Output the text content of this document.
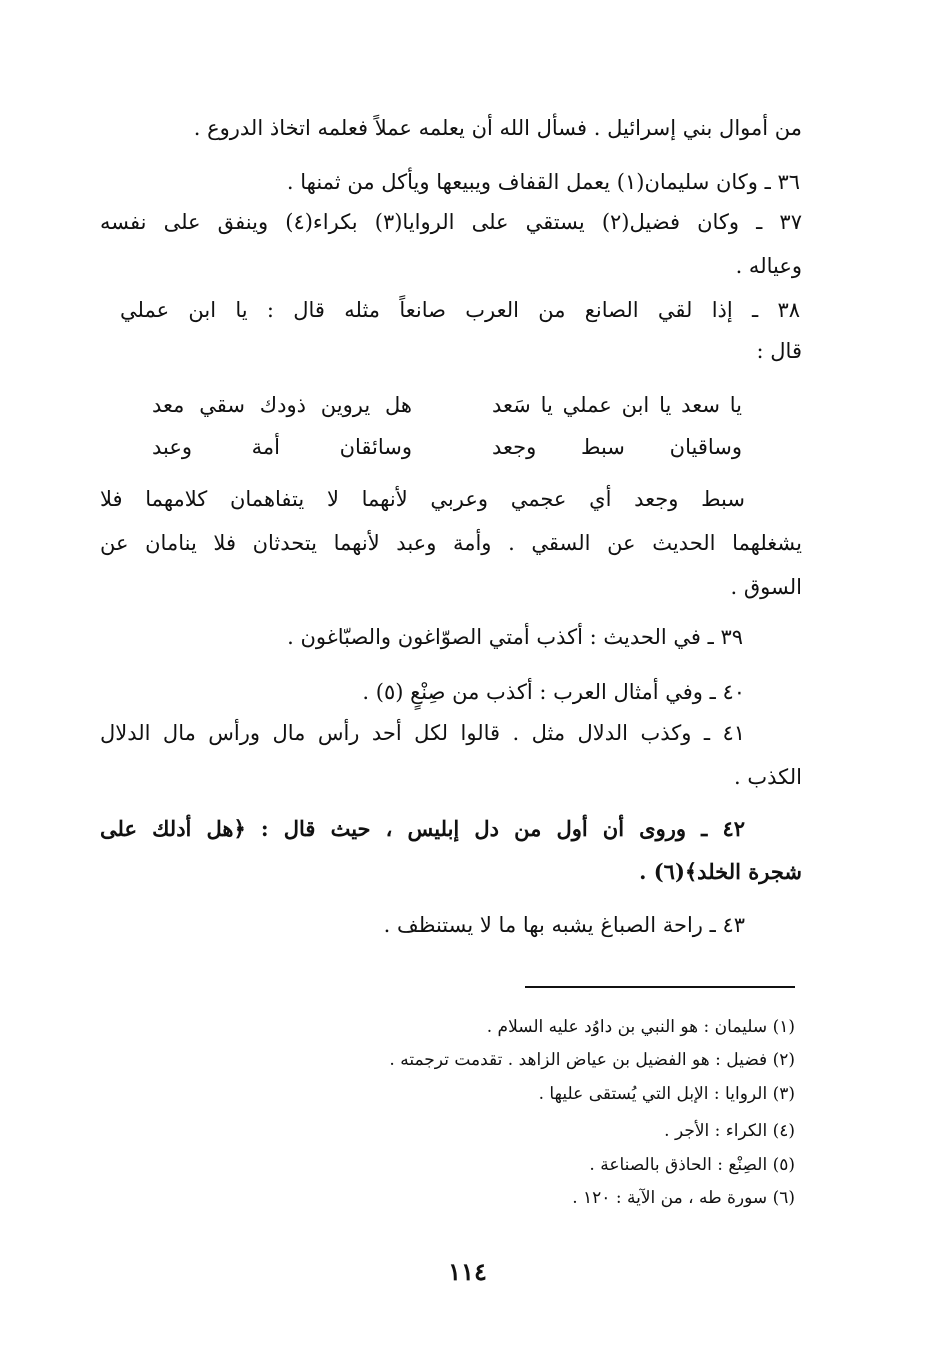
من أموال بني إسرائيل . فسأل الله أن يعلمه عملاً فعلمه اتخاذ الدروع .
٣٦ ـ وكان سليمان(١) يعمل القفاف ويبيعها ويأكل من ثمنها .
٣٧ ـ وكان فضيل(٢) يستقي على الروايا(٣) بكراء(٤) وينفق على نفسه
وعياله .
٣٨ ـ إذا لقي الصانع من العرب صانعاً مثله قال : يا ابن عملي
قال :
يا سعد يا ابن عملي يا سَعد
هل يروين ذودك سقي معد
وساقيان سبط وجعد
وسائقان أمة وعبد
سبط وجعد أي عجمي وعربي لأنهما لا يتفاهمان كلامهما فلا
يشغلهما الحديث عن السقي . وأمة وعبد لأنهما يتحدثان فلا ينامان عن
السوق .
٣٩ ـ في الحديث : أكذب أمتي الصوّاغون والصبّاغون .
٤٠ ـ وفي أمثال العرب : أكذب من صِنْعٍ (٥) .
٤١ ـ وكذب الدلال مثل . قالوا لكل أحد رأس مال ورأس مال الدلال
الكذب .
٤٢ ـ وروى أن أول من دل إبليس ، حيث قال : ﴿هل أدلك على
شجرة الخلد﴾(٦) .
٤٣ ـ راحة الصباغ يشبه بها ما لا يستنظف .
(١) سليمان : هو النبي بن داوُد عليه السلام .
(٢) فضيل : هو الفضيل بن عياض الزاهد . تقدمت ترجمته .
(٣) الروايا : الإبل التي يُستقى عليها .
(٤) الكراء : الأجر .
(٥) الصِنْع : الحاذق بالصناعة .
(٦) سورة طه ، من الآية : ١٢٠ .
١١٤
